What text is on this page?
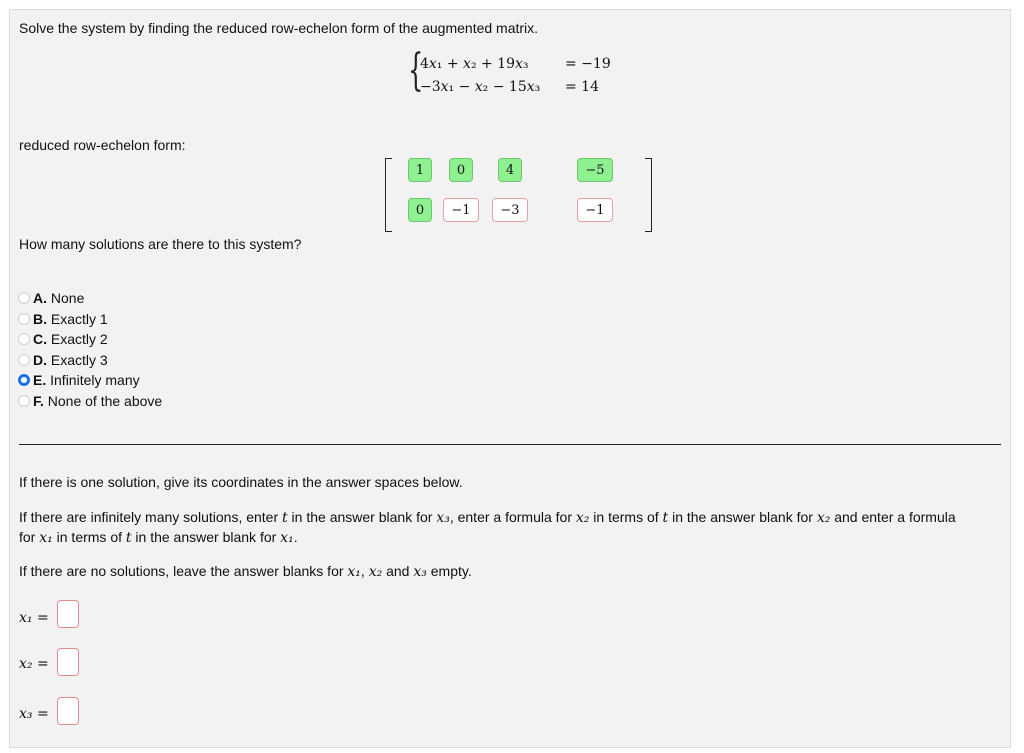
Solve the system by finding the reduced row-echelon form of the augmented matrix.
{
4𝑥₁ + 𝑥₂ + 19𝑥₃	= −19
−3𝑥₁ − 𝑥₂ − 15𝑥₃ = 14
reduced row-echelon form:
1	0	4	−5
0	−1	−3	−1
How many solutions are there to this system?
A. None
B. Exactly 1
C. Exactly 2
D. Exactly 3
E. Infinitely many
F. None of the above
If there is one solution, give its coordinates in the answer spaces below.
If there are infinitely many solutions, enter t in the answer blank for 𝑥₃, enter a formula for 𝑥₂ in terms of t in the answer blank for 𝑥₂ and enter a formula
for 𝑥₁ in terms of t in the answer blank for 𝑥₁.
If there are no solutions, leave the answer blanks for 𝑥₁, 𝑥₂ and 𝑥₃ empty.
𝑥₁ =
𝑥₂ =
𝑥₃ =
